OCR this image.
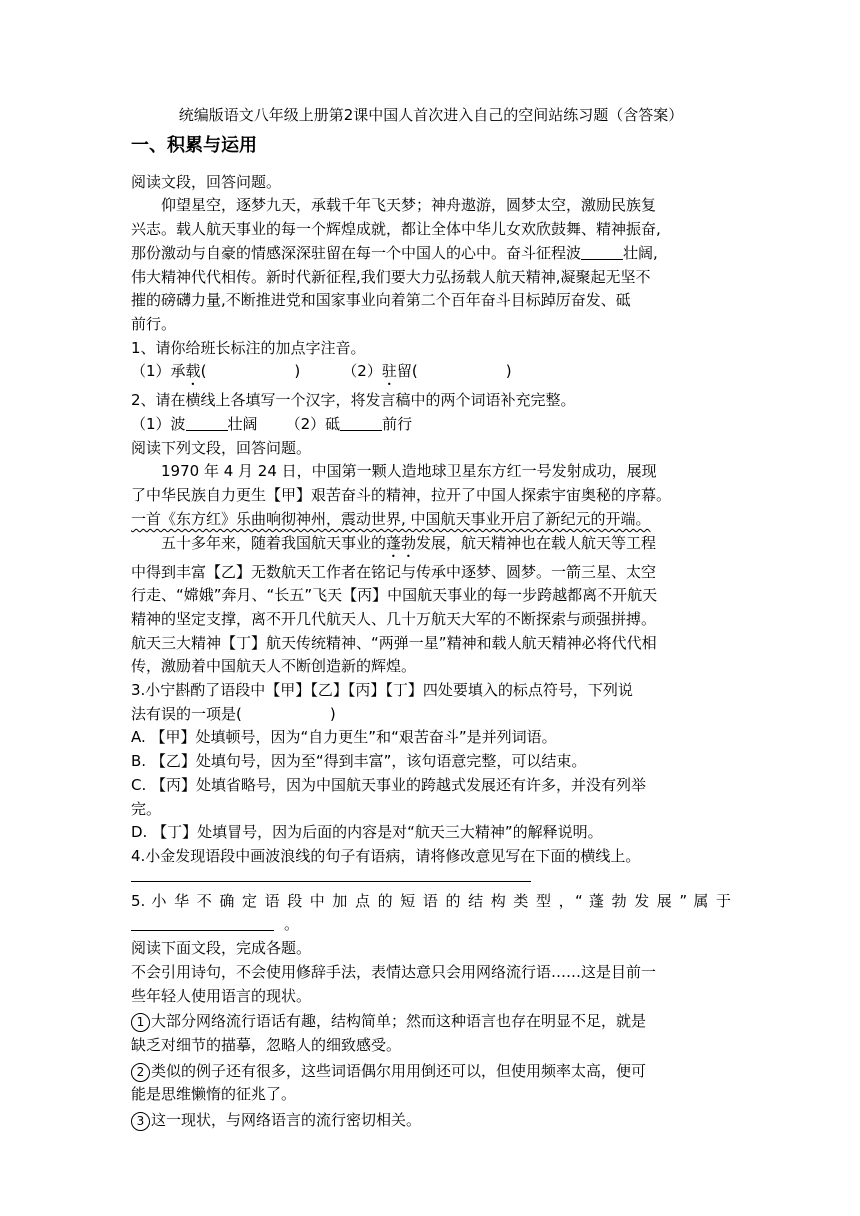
统编版语文八年级上册第2课中国人首次进入自己的空间站练习题（含答案）
一、积累与运用
阅读文段，回答问题。
仰望星空，逐梦九天，承载千年飞天梦；神舟遨游，圆梦太空，激励民族复
兴志。载人航天事业的每一个辉煌成就，都让全体中华儿女欢欣鼓舞、精神振奋,
那份激动与自豪的情感深深驻留在每一个中国人的心中。奋斗征程波	壮阔,
伟大精神代代相传。新时代新征程,我们要大力弘扬载人航天精神,凝聚起无坚不
摧的磅礴力量,不断推进党和国家事业向着第二个百年奋斗目标踔厉奋发、砥
前行。
1、请你给班长标注的加点字注音。
（1）承载(	)	（2）驻留(	)
2、请在横线上各填写一个汉字，将发言稿中的两个词语补充完整。
（1）波	壮阔 （2）砥	前行
阅读下列文段，回答问题。
1970 年 4 月 24 日，中国第一颗人造地球卫星东方红一号发射成功，展现
了中华民族自力更生【甲】艰苦奋斗的精神，拉开了中国人探索宇宙奥秘的序幕。
一首《东方红》乐曲响彻神州，震动世界, 中国航天事业开启了新纪元的开端。
五十多年来，随着我国航天事业的蓬勃发展，航天精神也在载人航天等工程
中得到丰富【乙】无数航天工作者在铭记与传承中逐梦、圆梦。一箭三星、太空
行走、“嫦娥”奔月、“长五”飞天【丙】中国航天事业的每一步跨越都离不开航天
精神的坚定支撑，离不开几代航天人、几十万航天大军的不断探索与顽强拼搏。
航天三大精神【丁】航天传统精神、“两弹一星”精神和载人航天精神必将代代相
传，激励着中国航天人不断创造新的辉煌。
3.小宁斟酌了语段中【甲】【乙】【丙】【丁】四处要填入的标点符号，下列说
法有误的一项是(	)
A. 【甲】处填顿号，因为“自力更生”和“艰苦奋斗”是并列词语。
B. 【乙】处填句号，因为至“得到丰富”，该句语意完整，可以结束。
C. 【丙】处填省略号，因为中国航天事业的跨越式发展还有许多，并没有列举
完。
D. 【丁】处填冒号，因为后面的内容是对“航天三大精神”的解释说明。
4.小金发现语段中画波浪线的句子有语病，请将修改意见写在下面的横线上。
5. 小 华 不 确 定 语 段 中 加 点 的 短 语 的 结 构 类 型 ，“ 蓬 勃 发 展 ” 属 于
。
阅读下面文段，完成各题。
不会引用诗句，不会使用修辞手法，表情达意只会用网络流行语……这是目前一
些年轻人使用语言的现状。
1 大部分网络流行语话有趣，结构简单；然而这种语言也存在明显不足，就是
缺乏对细节的描摹，忽略人的细致感受。
2 类似的例子还有很多，这些词语偶尔用用倒还可以，但使用频率太高，便可
能是思维懒惰的征兆了。
3 这一现状，与网络语言的流行密切相关。
